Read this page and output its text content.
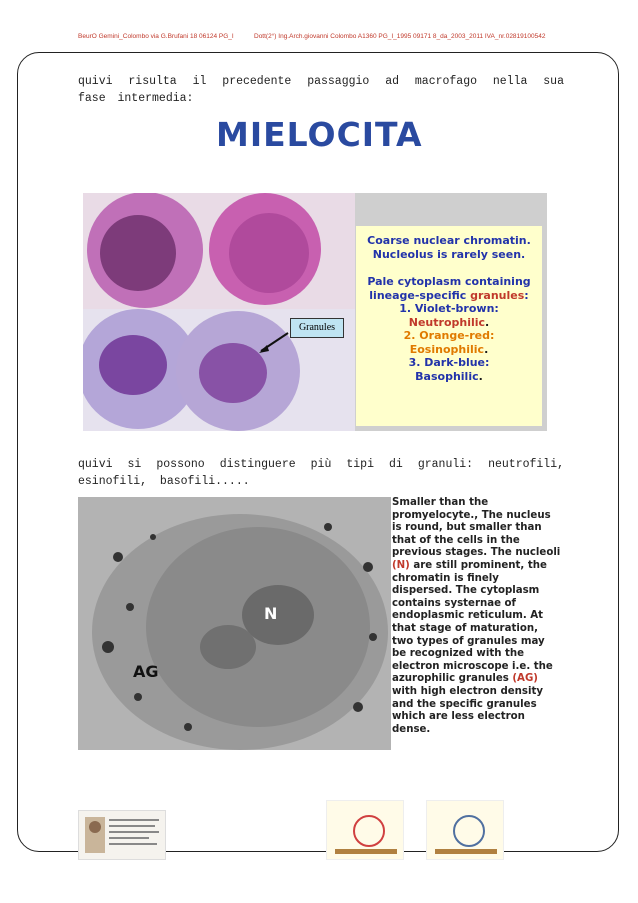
BeurO Gemini_Colombo via G.Brufani 18 06124 PG_I	Dott(2°) Ing.Arch.giovanni Colombo A1360 PG_I_1995 09171 8_da_2003_2011 IVA_nr.02819100542
quivi risulta il precedente passaggio ad macrofago nella sua fase intermedia:
MIELOCITA
Granules

Coarse nuclear chromatin.
Nucleolus is rarely seen.

Pale cytoplasm containing
lineage-specific granules:
1. Violet-brown:
Neutrophilic.
2. Orange-red:
Eosinophilic.
3. Dark-blue:
Basophilic.

quivi si possono distinguere più tipi di granuli: neutrofili, esinofili, basofili.....
N
AG
Smaller than the promyelocyte., The nucleus is round, but smaller than that of the cells in the previous stages. The nucleoli (N) are still prominent, the chromatin is finely dispersed. The cytoplasm contains systernae of endoplasmic reticulum. At that stage of maturation, two types of granules may be recognized with the electron microscope i.e. the azurophilic granules (AG) with high electron density and the specific granules which are less electron dense.
